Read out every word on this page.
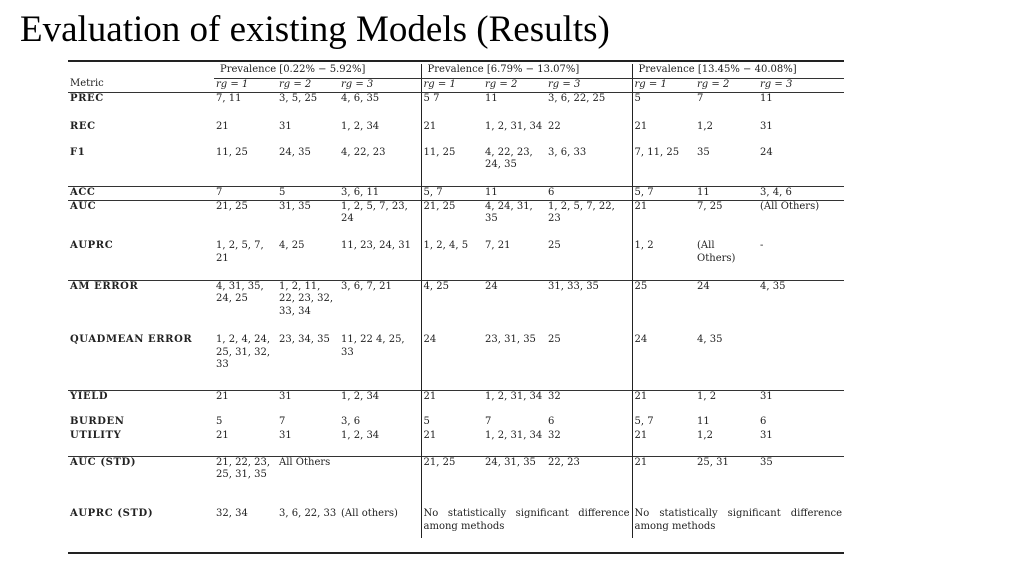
Evaluation of existing Models (Results)
	Prevalence [0.22% − 5.92%]			Prevalence [6.79% − 13.07%]			Prevalence [13.45% − 40.08%]		
Metric	rg = 1	rg = 2	rg = 3	rg = 1	rg = 2	rg = 3	rg = 1	rg = 2	rg = 3
PREC	7, 11	3, 5, 25	4, 6, 35	5 7	11	3, 6, 22, 25	5	7	11
REC	21	31	1, 2, 34	21	1, 2, 31, 34	22	21	1,2	31
F1	11, 25	24, 35	4, 22, 23	11, 25	4, 22, 23, 24, 35	3, 6, 33	7, 11, 25	35	24
ACC	7	5	3, 6, 11	5, 7	11	6	5, 7	11	3, 4, 6
AUC	21, 25	31, 35	1, 2, 5, 7, 23, 24	21, 25	4, 24, 31, 35	1, 2, 5, 7, 22, 23	21	7, 25	(All Others)
AUPRC	1, 2, 5, 7, 21	4, 25	11, 23, 24, 31	1, 2, 4, 5	7, 21	25	1, 2	(All Others)	-
AM ERROR	4, 31, 35, 24, 25	1, 2, 11, 22, 23, 32, 33, 34	3, 6, 7, 21	4, 25	24	31, 33, 35	25	24	4, 35
QUADMEAN ERROR	1, 2, 4, 24, 25, 31, 32, 33	23, 34, 35	11, 22 4, 25, 33	24	23, 31, 35	25	24	4, 35	
YIELD	21	31	1, 2, 34	21	1, 2, 31, 34	32	21	1, 2	31
BURDEN	5	7	3, 6	5	7	6	5, 7	11	6
UTILITY	21	31	1, 2, 34	21	1, 2, 31, 34	32	21	1,2	31
AUC (STD)	21, 22, 23, 25, 31, 35	All Others		21, 25	24, 31, 35	22, 23	21	25, 31	35
AUPRC (STD)	32, 34	3, 6, 22, 33	(All others)	No statistically significant difference among methods			No statistically significant difference among methods		
